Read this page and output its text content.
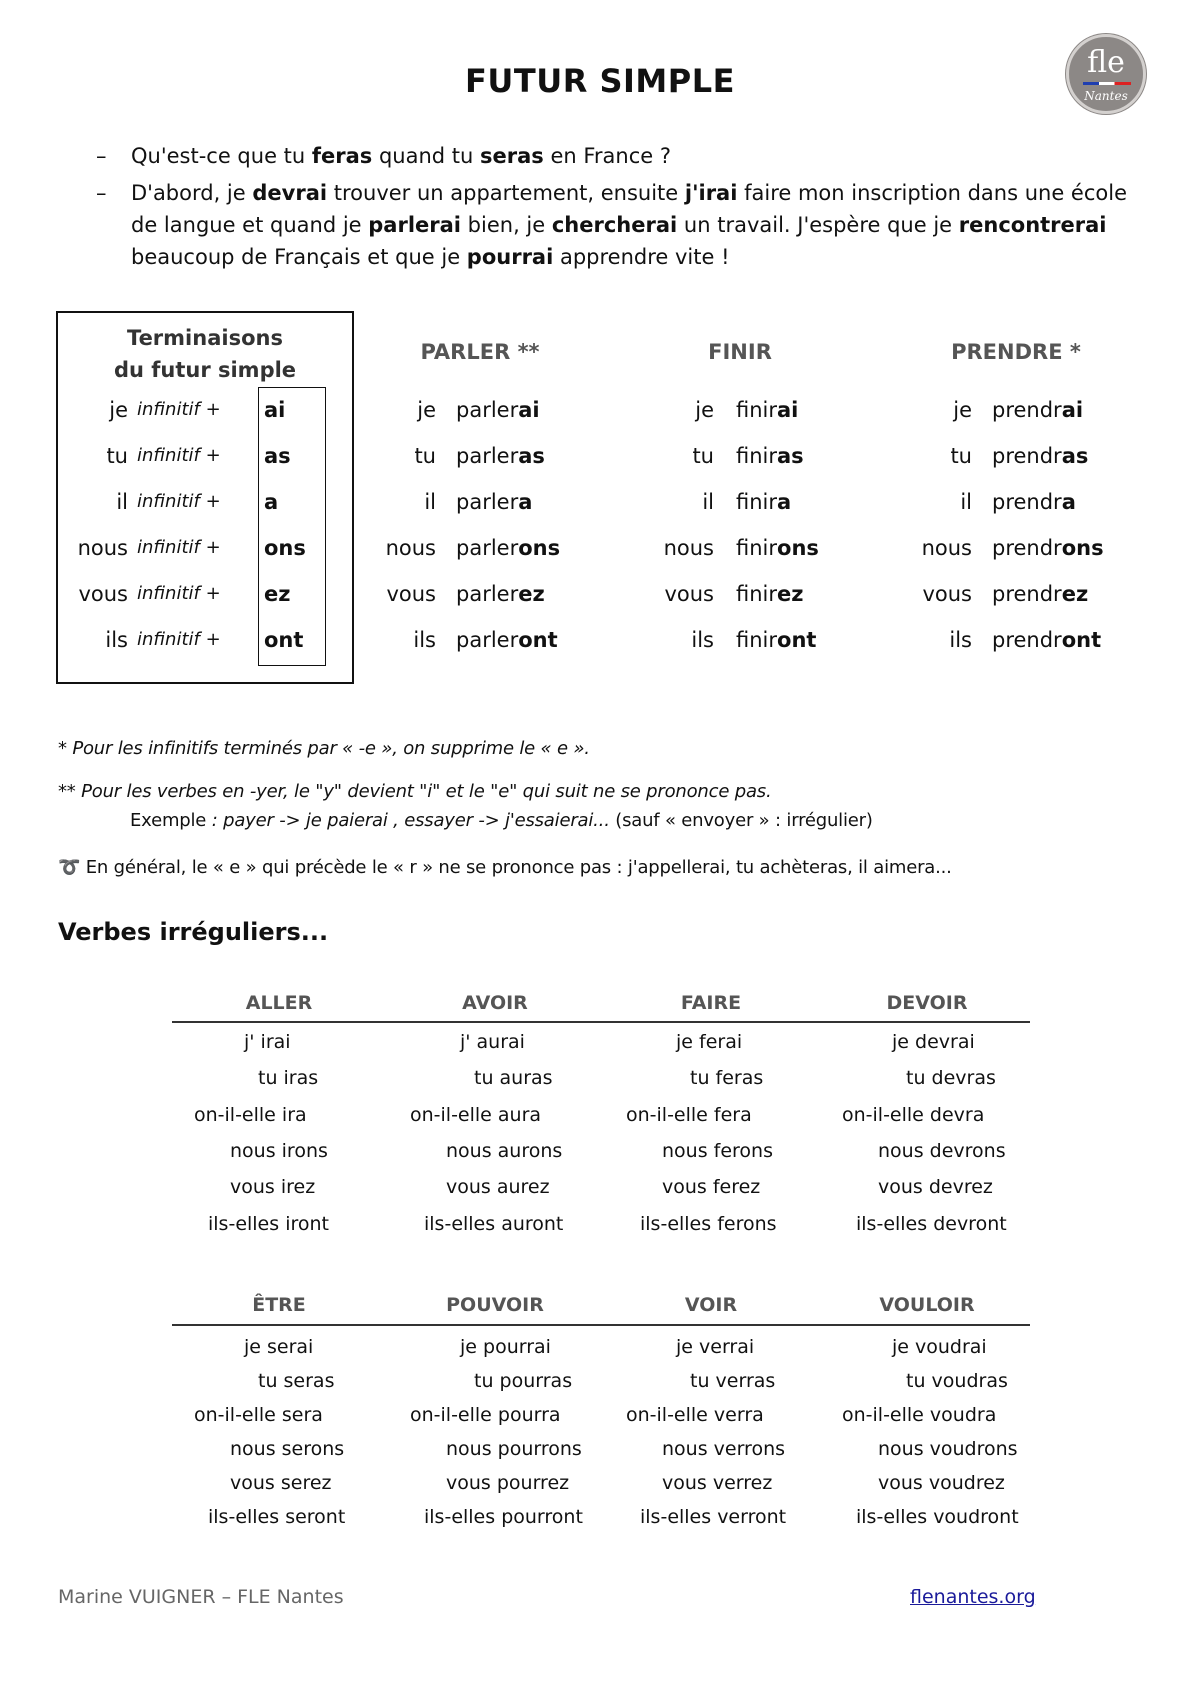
FUTUR SIMPLE	fle
Nantes
– Qu'est-ce que tu feras quand tu seras en France ?
– D'abord, je devrai trouver un appartement, ensuite j'irai faire mon inscription dans une école de langue et quand je parlerai bien, je chercherai un travail. J'espère que je rencontrerai beaucoup de Français et que je pourrai apprendre vite !
Terminaisons
du futur simple
je infinitif + ai
tu infinitif + as
il infinitif + a
nous infinitif + ons
vous infinitif + ez
ils infinitif + ont
PARLER **
je parlerai
tu parleras
il parlera
nous parlerons
vous parlerez
ils parleront
FINIR
je finirai
tu finiras
il finira
nous finirons
vous finirez
ils finiront
PRENDRE *
je prendrai
tu prendras
il prendra
nous prendrons
vous prendrez
ils prendront
* Pour les infinitifs terminés par « -e », on supprime le « e ».
** Pour les verbes en -yer, le "y" devient "i" et le "e" qui suit ne se prononce pas.
Exemple : payer -> je paierai , essayer -> j'essaierai... (sauf « envoyer » : irrégulier)
➰ En général, le « e » qui précède le « r » ne se prononce pas : j'appellerai, tu achèteras, il aimera...
Verbes irréguliers...
ALLER
j' irai
tu iras
on-il-elle ira
nous irons
vous irez
ils-elles iront
AVOIR
j' aurai
tu auras
on-il-elle aura
nous aurons
vous aurez
ils-elles auront
FAIRE
je ferai
tu feras
on-il-elle fera
nous ferons
vous ferez
ils-elles ferons
DEVOIR
je devrai
tu devras
on-il-elle devra
nous devrons
vous devrez
ils-elles devront
ÊTRE
je serai
tu seras
on-il-elle sera
nous serons
vous serez
ils-elles seront
POUVOIR
je pourrai
tu pourras
on-il-elle pourra
nous pourrons
vous pourrez
ils-elles pourront
VOIR
je verrai
tu verras
on-il-elle verra
nous verrons
vous verrez
ils-elles verront
VOULOIR
je voudrai
tu voudras
on-il-elle voudra
nous voudrons
vous voudrez
ils-elles voudront
Marine VUIGNER – FLE Nantes	flenantes.org
